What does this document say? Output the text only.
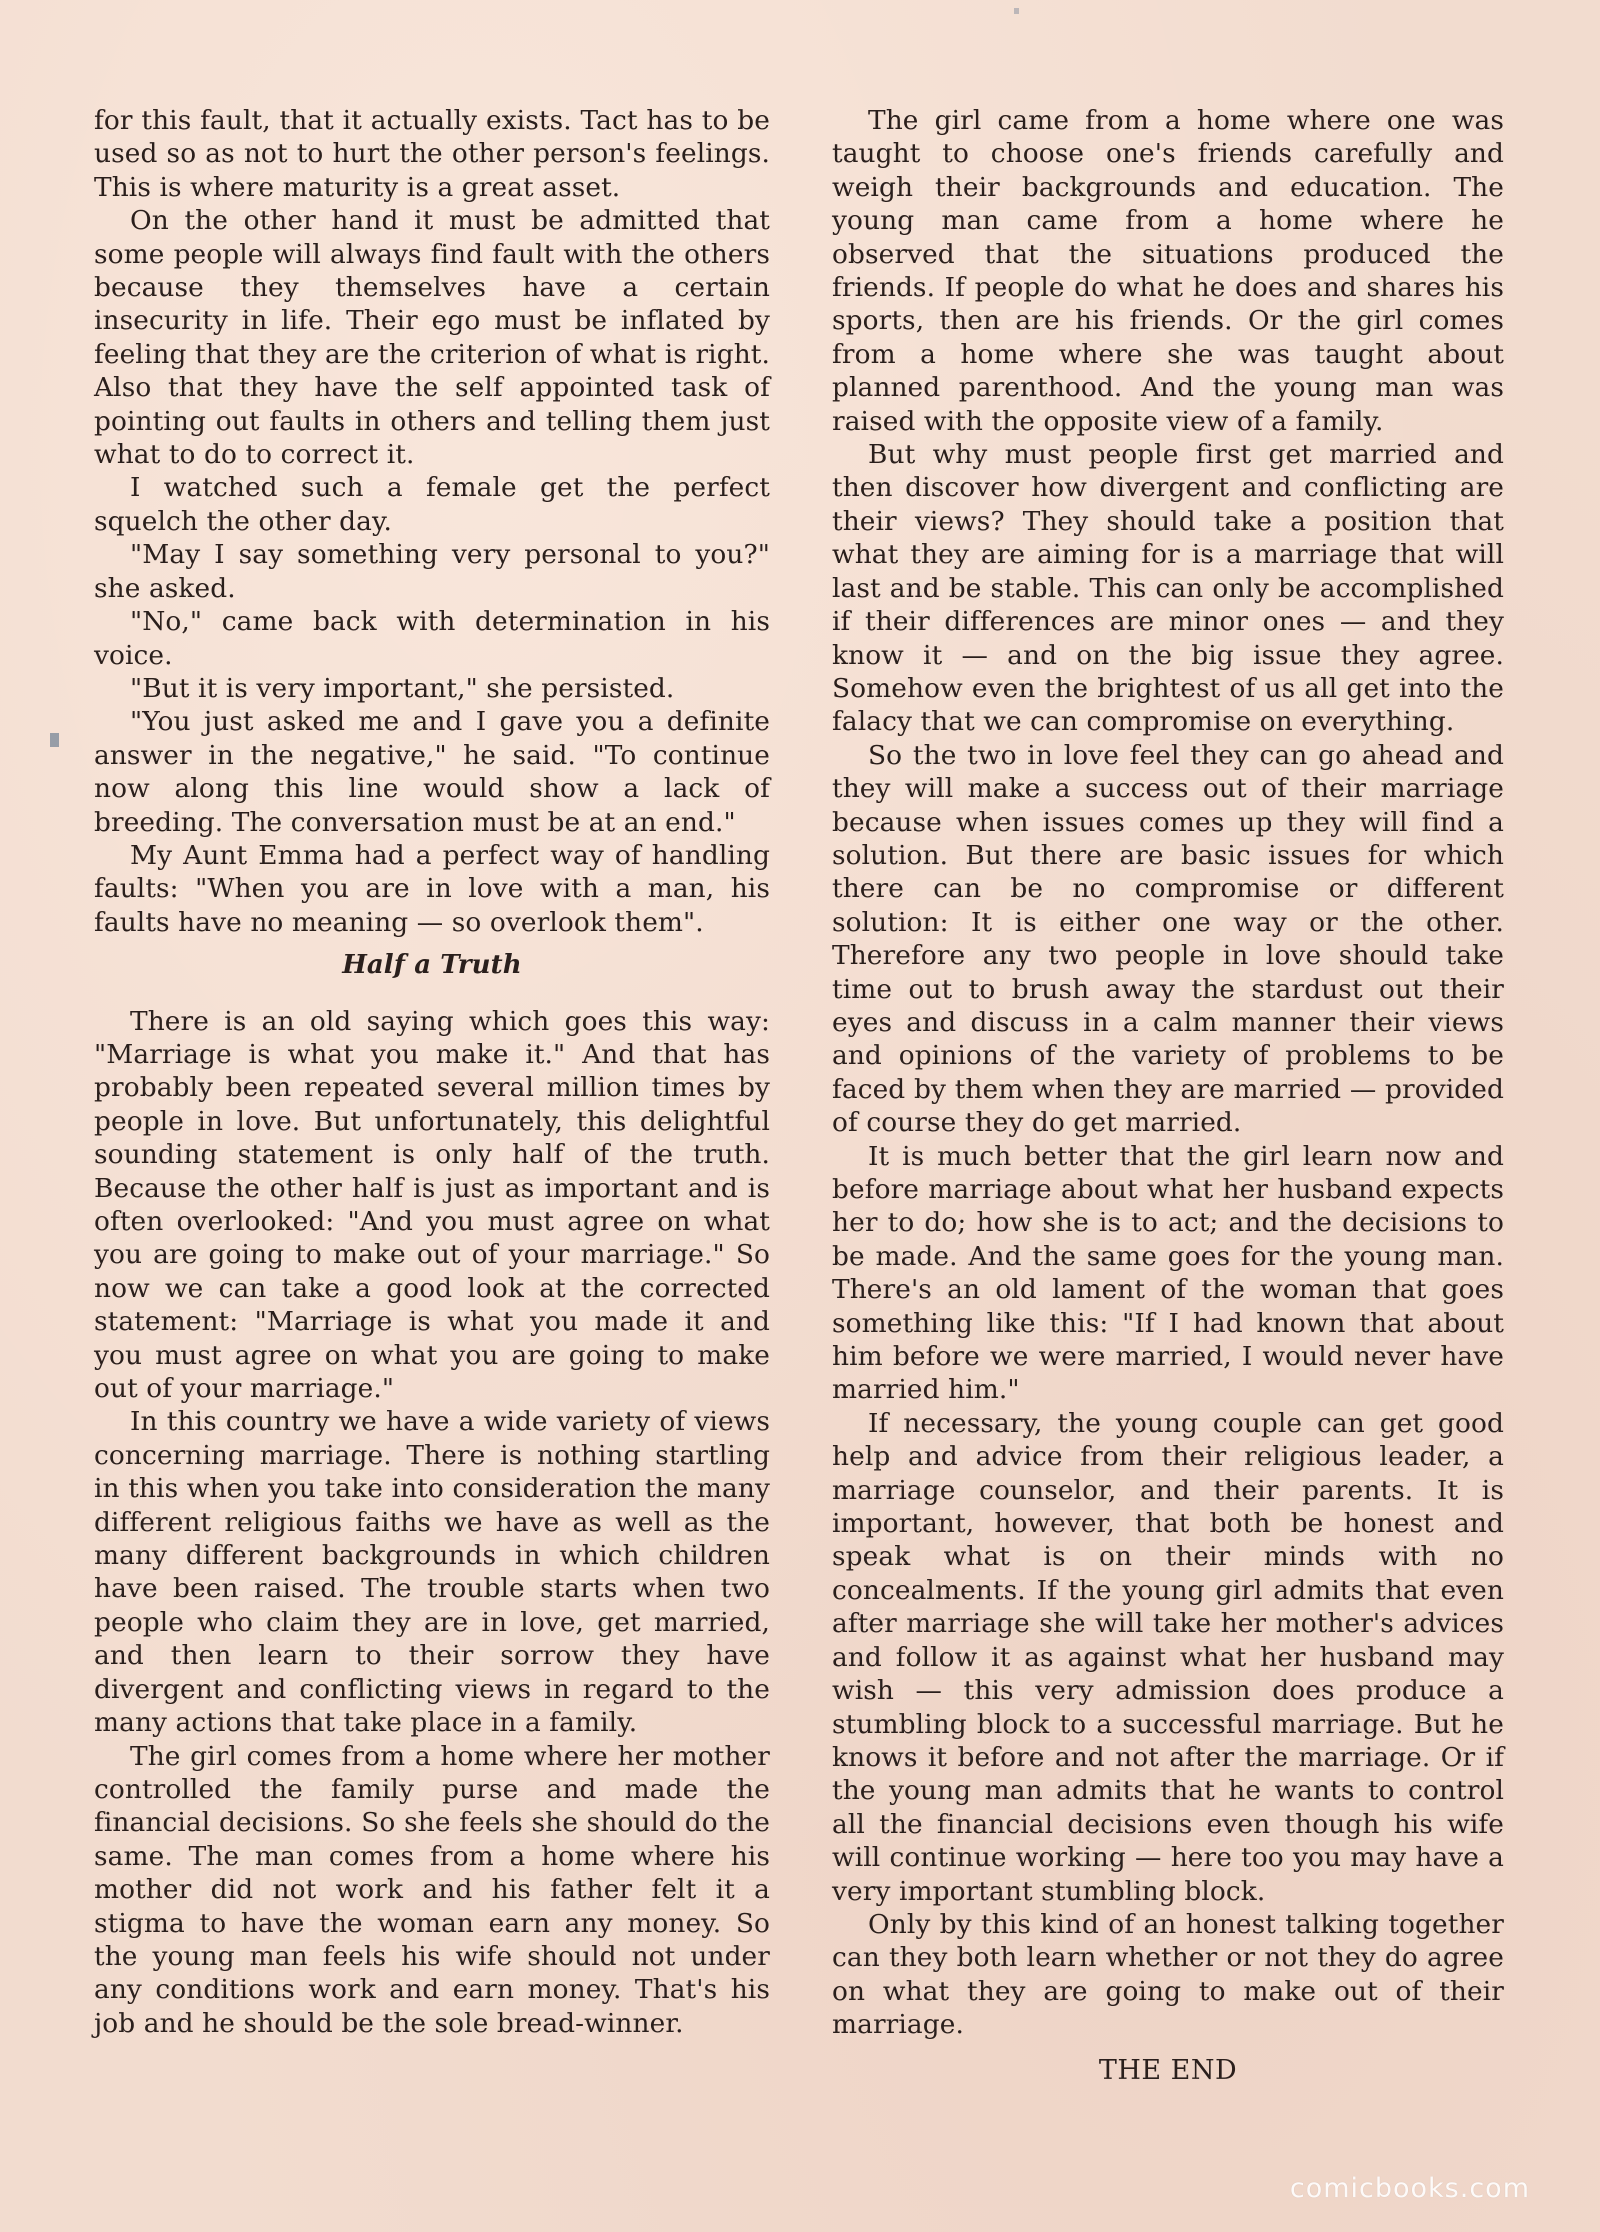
for this fault, that it actually exists. Tact has to be used so as not to hurt the other person's feelings. This is where maturity is a great asset.

On the other hand it must be admitted that some people will always find fault with the others because they themselves have a certain insecurity in life. Their ego must be inflated by feeling that they are the criterion of what is right. Also that they have the self appointed task of pointing out faults in others and telling them just what to do to correct it.

I watched such a female get the perfect squelch the other day.

"May I say something very personal to you?" she asked.

"No," came back with determination in his voice.

"But it is very important," she persisted.

"You just asked me and I gave you a definite answer in the negative," he said. "To continue now along this line would show a lack of breeding. The conversation must be at an end."

My Aunt Emma had a perfect way of handling faults: "When you are in love with a man, his faults have no meaning — so overlook them".

Half a Truth

There is an old saying which goes this way: "Marriage is what you make it." And that has probably been repeated several million times by people in love. But unfortunately, this delightful sounding statement is only half of the truth. Because the other half is just as important and is often overlooked: "And you must agree on what you are going to make out of your marriage." So now we can take a good look at the corrected statement: "Marriage is what you made it and you must agree on what you are going to make out of your marriage."

In this country we have a wide variety of views concerning marriage. There is nothing startling in this when you take into consideration the many different religious faiths we have as well as the many different backgrounds in which children have been raised. The trouble starts when two people who claim they are in love, get married, and then learn to their sorrow they have divergent and conflicting views in regard to the many actions that take place in a family.

The girl comes from a home where her mother controlled the family purse and made the financial decisions. So she feels she should do the same. The man comes from a home where his mother did not work and his father felt it a stigma to have the woman earn any money. So the young man feels his wife should not under any conditions work and earn money. That's his job and he should be the sole bread-winner.

The girl came from a home where one was taught to choose one's friends carefully and weigh their backgrounds and education. The young man came from a home where he observed that the situations produced the friends. If people do what he does and shares his sports, then are his friends. Or the girl comes from a home where she was taught about planned parenthood. And the young man was raised with the opposite view of a family.

But why must people first get married and then discover how divergent and conflicting are their views? They should take a position that what they are aiming for is a marriage that will last and be stable. This can only be accomplished if their differences are minor ones — and they know it — and on the big issue they agree. Somehow even the brightest of us all get into the falacy that we can compromise on everything.

So the two in love feel they can go ahead and they will make a success out of their marriage because when issues comes up they will find a solution. But there are basic issues for which there can be no compromise or different solution: It is either one way or the other. Therefore any two people in love should take time out to brush away the stardust out their eyes and discuss in a calm manner their views and opinions of the variety of problems to be faced by them when they are married — provided of course they do get married.

It is much better that the girl learn now and before marriage about what her husband expects her to do; how she is to act; and the decisions to be made. And the same goes for the young man. There's an old lament of the woman that goes something like this: "If I had known that about him before we were married, I would never have married him."

If necessary, the young couple can get good help and advice from their religious leader, a marriage counselor, and their parents. It is important, however, that both be honest and speak what is on their minds with no concealments. If the young girl admits that even after marriage she will take her mother's advices and follow it as against what her husband may wish — this very admission does produce a stumbling block to a successful marriage. But he knows it before and not after the marriage. Or if the young man admits that he wants to control all the financial decisions even though his wife will continue working — here too you may have a very important stumbling block.

Only by this kind of an honest talking together can they both learn whether or not they do agree on what they are going to make out of their marriage.

THE END
comicbooks.com
